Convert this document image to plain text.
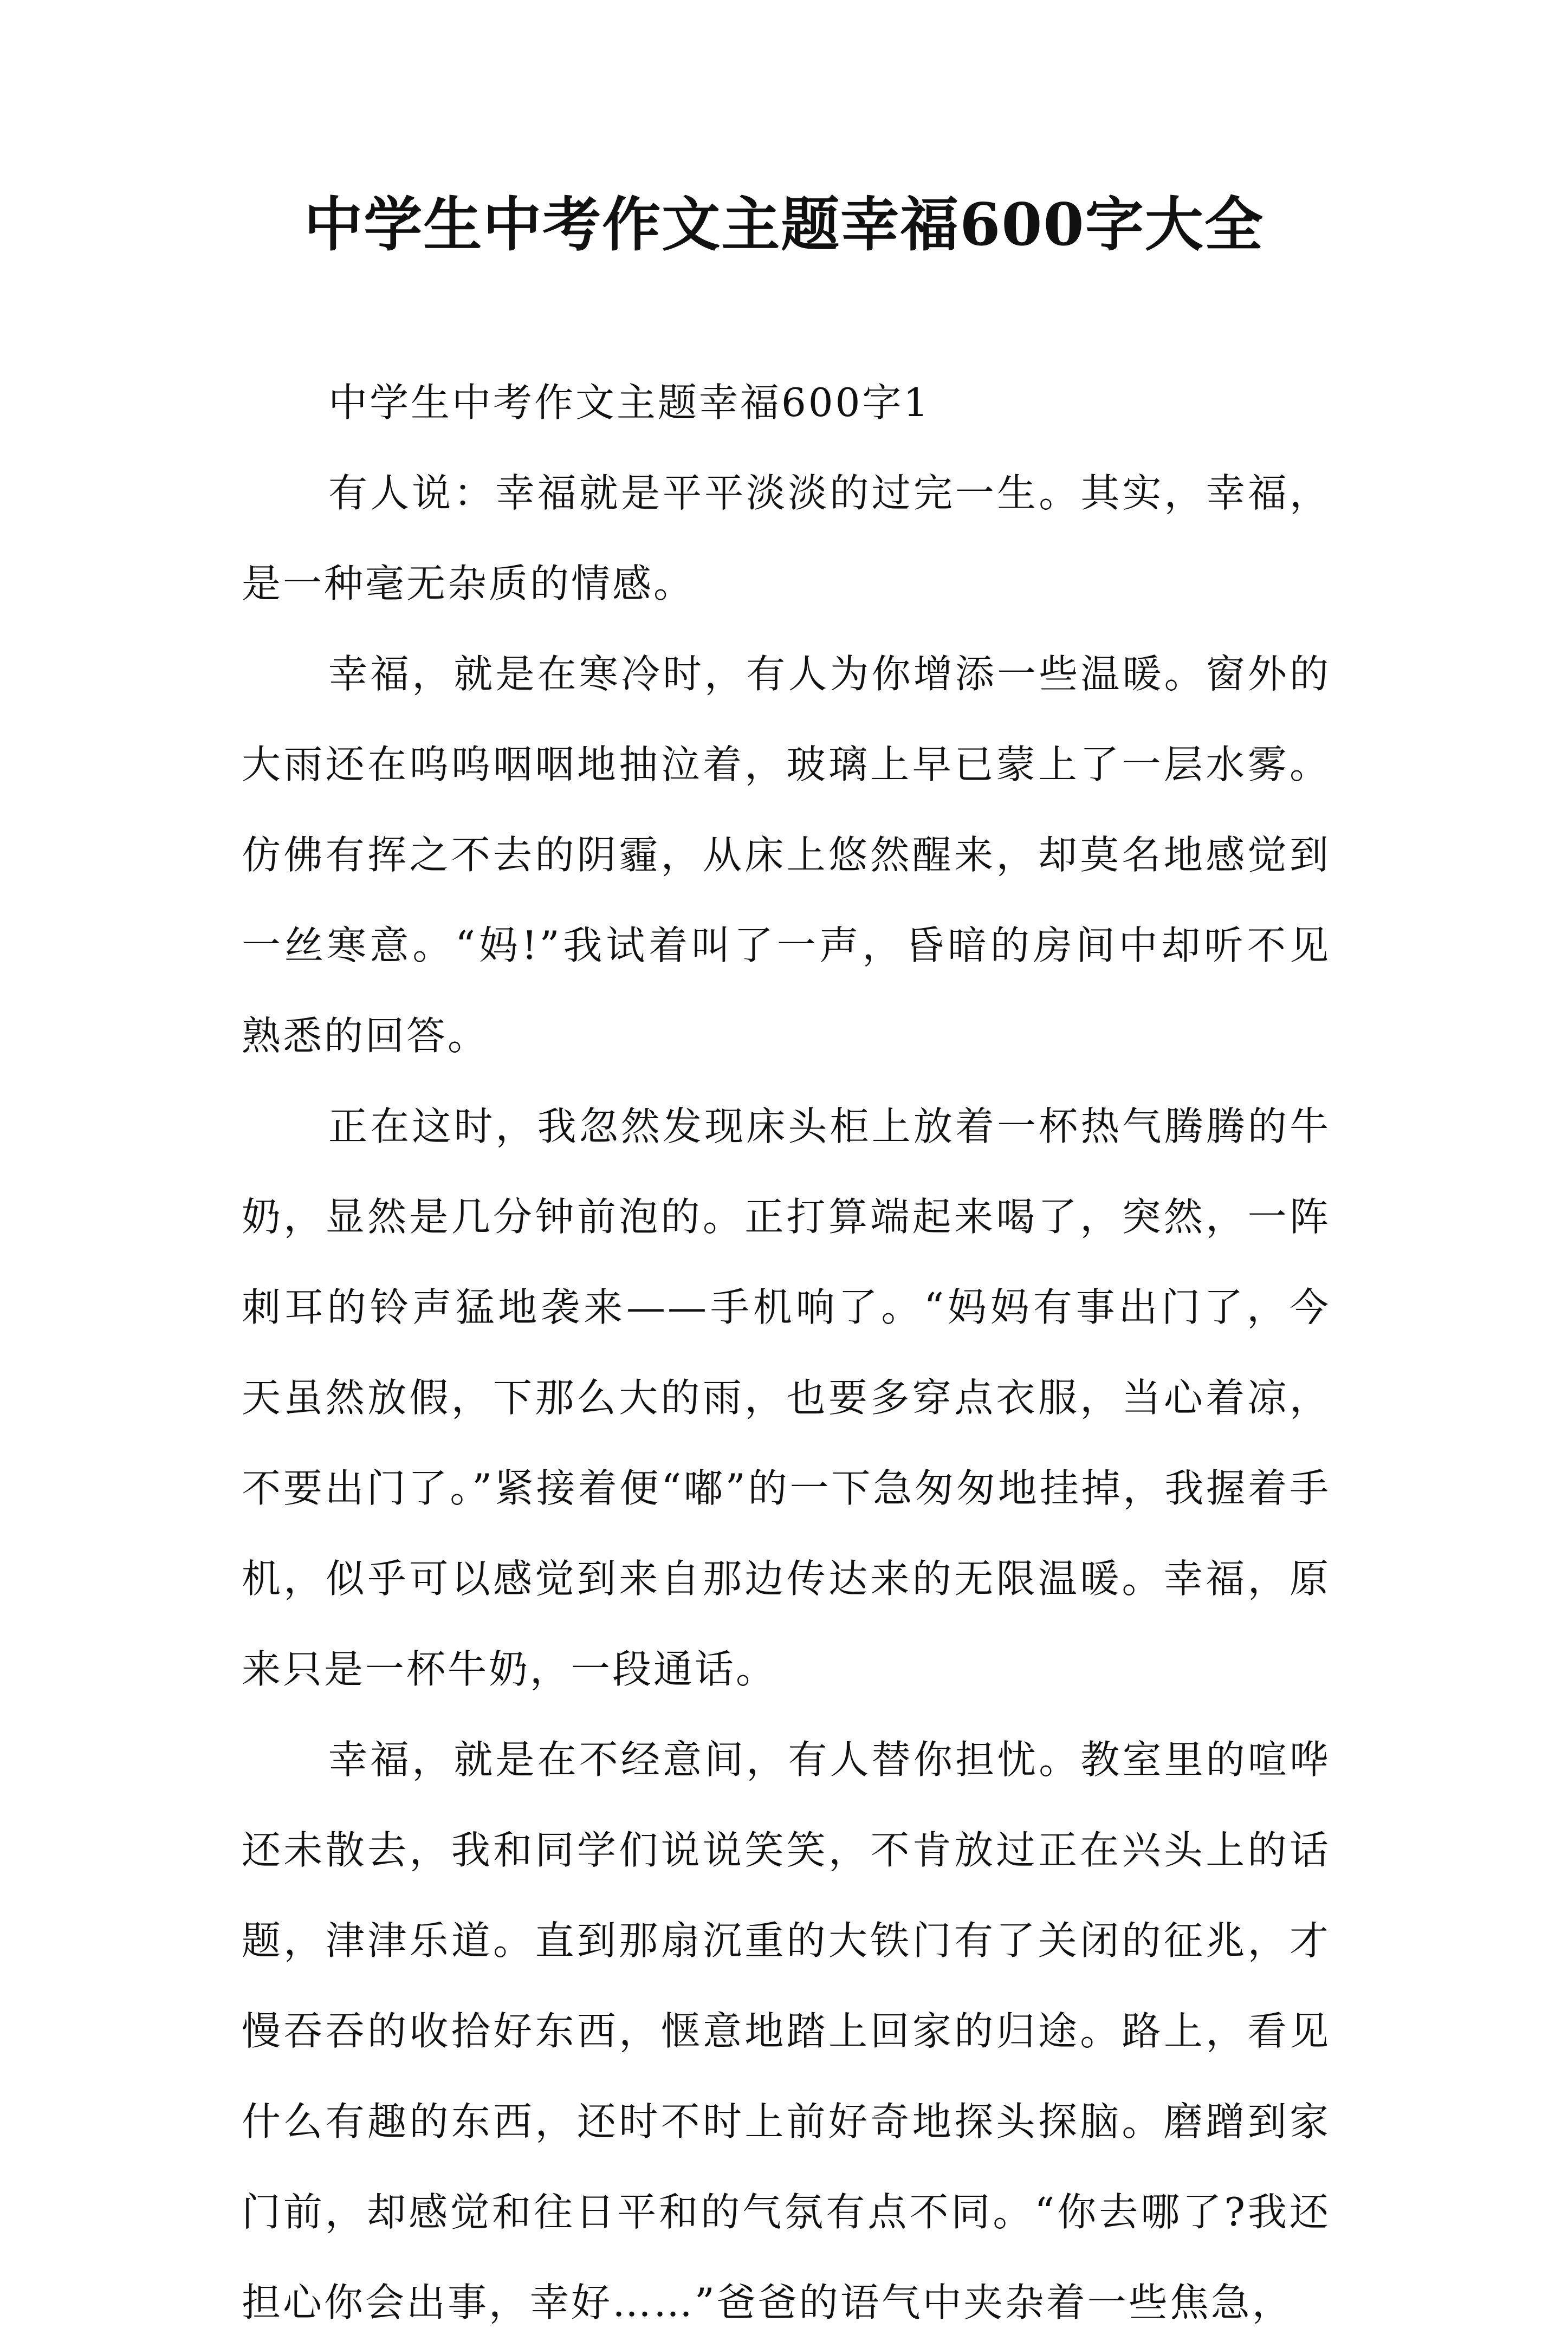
中学生中考作文主题幸福600字大全

中学生中考作文主题幸福600字1

有人说：幸福就是平平淡淡的过完一生。其实，幸福，是一种毫无杂质的情感。

幸福，就是在寒冷时，有人为你增添一些温暖。窗外的大雨还在呜呜咽咽地抽泣着，玻璃上早已蒙上了一层水雾。仿佛有挥之不去的阴霾，从床上悠然醒来，却莫名地感觉到一丝寒意。“妈!”我试着叫了一声，昏暗的房间中却听不见熟悉的回答。

正在这时，我忽然发现床头柜上放着一杯热气腾腾的牛奶，显然是几分钟前泡的。正打算端起来喝了，突然，一阵刺耳的铃声猛地袭来——手机响了。“妈妈有事出门了，今天虽然放假，下那么大的雨，也要多穿点衣服，当心着凉，不要出门了。”紧接着便“嘟”的一下急匆匆地挂掉，我握着手机，似乎可以感觉到来自那边传达来的无限温暖。幸福，原来只是一杯牛奶，一段通话。

幸福，就是在不经意间，有人替你担忧。教室里的喧哗还未散去，我和同学们说说笑笑，不肯放过正在兴头上的话题，津津乐道。直到那扇沉重的大铁门有了关闭的征兆，才慢吞吞的收拾好东西，惬意地踏上回家的归途。路上，看见什么有趣的东西，还时不时上前好奇地探头探脑。磨蹭到家门前，却感觉和往日平和的气氛有点不同。“你去哪了?我还担心你会出事，幸好……”爸爸的语气中夹杂着一些焦急，
